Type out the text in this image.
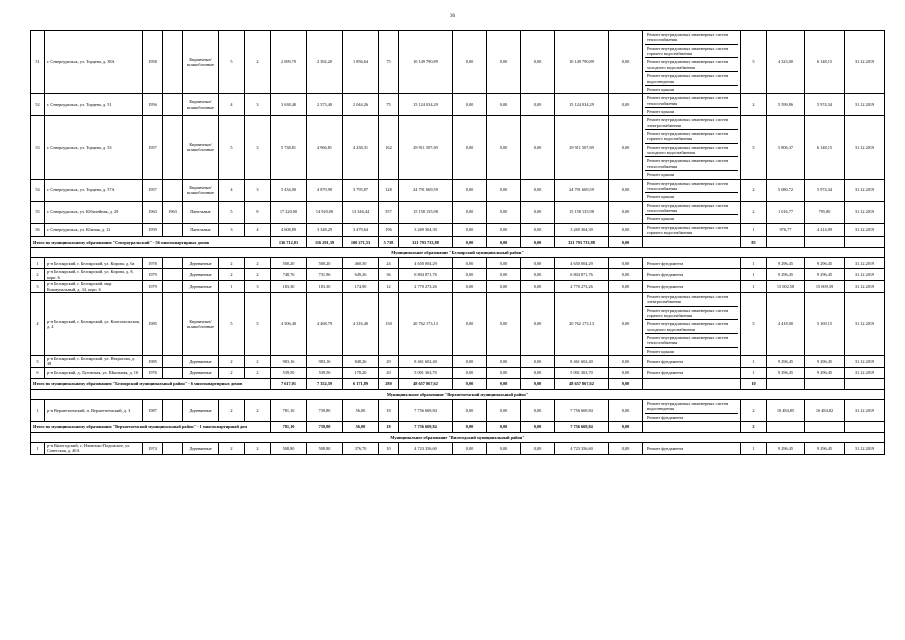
36
51	г. Североуральск, ул. Торцева, д. 38А	1958		Кирпичные/шлакоблочные	5	2	2 699,70	2 392,20	1 856,64	75	10 149 790,89	0,00	0,00	0,00	10 149 790,89	0,00	Ремонт внутридомовых инженерных систем теплоснабжения
Ремонт внутридомовых инженерных систем горячего водоснабжения
Ремонт внутридомовых инженерных систем холодного водоснабжения
Ремонт внутридомовых инженерных систем водоотведения
Ремонт крыши	5	4 323,00	6 148,15	31.12.2019
52	г. Североуральск, ул. Торцева, д. 51	1956		Кирпичные/шлакоблочные	4	3	3 638,40	2 573,40	2 044,26	75	15 124 034,29	0,00	0,00	0,00	15 124 034,29	0,00	Ремонт внутридомовых инженерных систем теплоснабжения
Ремонт крыши	2	5 599,86	5 974,34	31.12.2019
53	г. Североуральск, ул. Торцева, д. 53	1957		Кирпичные/шлакоблочные	5	3	5 738,81	4 966,81	4 238,31	162	29 911 507,69	0,00	0,00	0,00	29 911 507,69	0,00	Ремонт внутридомовых инженерных систем электроснабжения
Ремонт внутридомовых инженерных систем горячего водоснабжения
Ремонт внутридомовых инженерных систем холодного водоснабжения
Ремонт внутридомовых инженерных систем теплоснабжения
Ремонт крыши	5	5 806,37	6 148,15	31.12.2019
54	г. Североуральск, ул. Торцева, д. 57А	1957		Кирпичные/шлакоблочные	4	3	5 434,00	4 879,90	3 795,87	128	24 791 669,59	0,00	0,00	0,00	24 791 669,59	0,00	Ремонт внутридомовых инженерных систем теплоснабжения
Ремонт крыши	2	5 080,72	5 974,34	31.12.2019
55	г. Североуральск, ул. Юбилейная, д. 29	1963	1963	Панельные	5	8	17 220,00	14 920,00	13 346,44	557	15 158 135,98	0,00	0,00	0,00	15 158 135,98	0,00	Ремонт внутридомовых инженерных систем теплоснабжения
Ремонт крыши	2	1 016,77	795,80	31.12.2019
56	г. Североуральск, ул. Южная, д. 12	1959		Панельные	3	4	4 608,89	3 348,29	3 479,64	196	3 269 304,39	0,00	0,00	0,00	3 269 304,39	0,00	Ремонт внутридомовых инженерных систем горячего водоснабжения	1	976,77	4 214,09	31.12.2019
Итого по муниципальному образованию "Североуральский" - 56 многоквартирных домов							136 712,01	116 291,39	100 271,53	5 738	321 793 733,88	0,00	0,00	0,00	321 793 733,88	0,00		85			
Муниципальное образование "Белоярский муниципальный район"																					
1	р-н Белоярский, г. Белоярский, ул. Кирова, д. 6а	1978		Деревянные	2	2	500,20	500,20	460,50	24	4 650 004,29	0,00	0,00	0,00	4 650 004,29	0,00	Ремонт фундамента	1	9 296,45	9 296,45	31.12.2019
2	р-н Белоярский, г. Белоярский, ул. Кирова, д. 8, корп. 6	1979		Деревянные	2	2	748,76	731,96	649,26	36	6 804 871,76	0,00	0,00	0,00	6 804 871,76	0,00	Ремонт фундамента	1	9 296,45	9 296,45	31.12.2019
3	р-н Белоярский, г. Белоярский, мкр. Коммунальный, д. 34, корп. 6	1979		Деревянные	1	3	183,30	183,30	174,90	12	2 770 273,26	0,00	0,00	0,00	2 770 273,26	0,00	Ремонт фундамента	1	15 002,58	15 009,39	31.12.2019
4	р-н Белоярский, г. Белоярский, ул. Комсомольская, д. 4	1985		Кирпичные/шлакоблочные	5	5	4 506,40	4 468,79	4 316,40	130	20 762 173,13	0,00	0,00	0,00	20 762 173,13	0,00	Ремонт внутридомовых инженерных систем электроснабжения
Ремонт внутридомовых инженерных систем горячего водоснабжения
Ремонт внутридомовых инженерных систем холодного водоснабжения
Ремонт внутридомовых инженерных систем теплоснабжения
Ремонт крыши	5	4 418,00	5 169,15	31.12.2019
5	р-н Белоярский, г. Белоярский, ул. Некрасова, д. 38	1985		Деревянные	2	2	983,16	983,16	848,26	29	8 461 602,40	0,00	0,00	0,00	8 461 602,40	0,00	Ремонт фундамента	1	9 296,45	9 296,45	31.12.2019
6	р-н Белоярский, д. Луговская, ул. Школьная, д. 16	1976		Деревянные	2	2	539,50	539,50	178,20	20	5 001 363,70	0,00	0,00	0,00	5 001 363,70	0,00	Ремонт фундамента	1	9 296,45	9 296,45	31.12.2019
Итого по муниципальному образованию "Белоярский муниципальный район" - 6 многоквартирных домов							7 617,01	7 352,59	6 171,89	280	48 657 867,62	0,00	0,00	0,00	48 657 867,62	0,00		10			
Муниципальное образование "Верхнетоемский муниципальный район"																					
1	р-н Верхнетоемский, п. Верхнетоемский, д. 3	1987		Деревянные	2	2	781,10	739,80	56,00	18	7 756 669,84	0,00	0,00	0,00	7 756 669,84	0,00	Ремонт внутридомовых инженерных систем водоотведения
Ремонт фундамента	2	10 484,85	16 484,82	31.12.2019
Итого по муниципальному образованию "Верхнетоемский муниципальный район" - 1 многоквартирный дом							781,10	739,80	56,00	18	7 756 669,84	0,00	0,00	0,00	7 756 669,84	0,00		2			
Муниципальное образование "Вилегодский муниципальный район"																					
1	р-н Вилегодский, с. Ильинско-Подомское, ул. Советская, д. 40А	1974		Деревянные	2	2	508,80	508,80	376,70	10	4 723 356,60	0,00	0,00	0,00	4 723 356,60	0,00	Ремонт фундамента	1	9 296,45	9 296,45	31.12.2019
